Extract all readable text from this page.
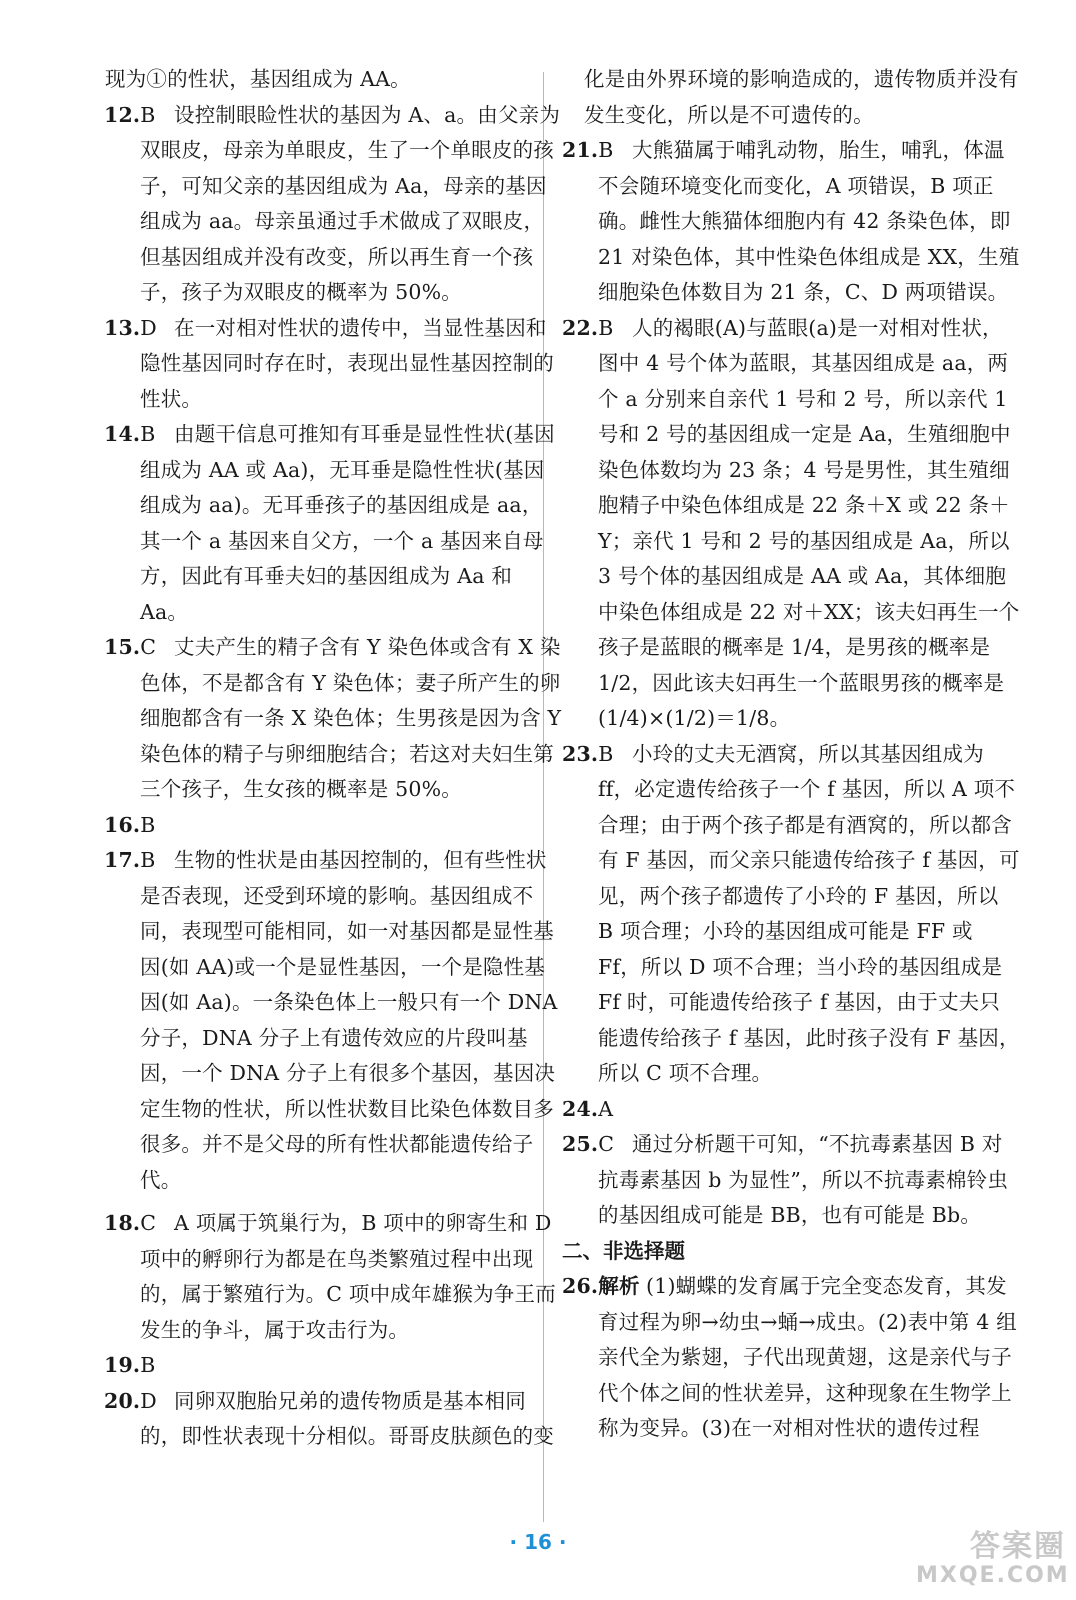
现为①的性状，基因组成为 AA。
12.B 设控制眼睑性状的基因为 A、a。由父亲为双眼皮，母亲为单眼皮，生了一个单眼皮的孩子，可知父亲的基因组成为 Aa，母亲的基因组成为 aa。母亲虽通过手术做成了双眼皮，但基因组成并没有改变，所以再生育一个孩子，孩子为双眼皮的概率为 50%。
13.D 在一对相对性状的遗传中，当显性基因和隐性基因同时存在时，表现出显性基因控制的性状。
14.B 由题干信息可推知有耳垂是显性性状(基因组成为 AA 或 Aa)，无耳垂是隐性性状(基因组成为 aa)。无耳垂孩子的基因组成是 aa，其一个 a 基因来自父方，一个 a 基因来自母方，因此有耳垂夫妇的基因组成为 Aa 和 Aa。
15.C 丈夫产生的精子含有 Y 染色体或含有 X 染色体，不是都含有 Y 染色体；妻子所产生的卵细胞都含有一条 X 染色体；生男孩是因为含 Y 染色体的精子与卵细胞结合；若这对夫妇生第三个孩子，生女孩的概率是 50%。
16.B
17.B 生物的性状是由基因控制的，但有些性状是否表现，还受到环境的影响。基因组成不同，表现型可能相同，如一对基因都是显性基因(如 AA)或一个是显性基因，一个是隐性基因(如 Aa)。一条染色体上一般只有一个 DNA 分子，DNA 分子上有遗传效应的片段叫基因，一个 DNA 分子上有很多个基因，基因决定生物的性状，所以性状数目比染色体数目多很多。并不是父母的所有性状都能遗传给子代。
18.C A 项属于筑巢行为，B 项中的卵寄生和 D 项中的孵卵行为都是在鸟类繁殖过程中出现的，属于繁殖行为。C 项中成年雄猴为争王而发生的争斗，属于攻击行为。
19.B
20.D 同卵双胞胎兄弟的遗传物质是基本相同的，即性状表现十分相似。哥哥皮肤颜色的变
化是由外界环境的影响造成的，遗传物质并没有发生变化，所以是不可遗传的。
21.B 大熊猫属于哺乳动物，胎生，哺乳，体温不会随环境变化而变化，A 项错误，B 项正确。雌性大熊猫体细胞内有 42 条染色体，即 21 对染色体，其中性染色体组成是 XX，生殖细胞染色体数目为 21 条，C、D 两项错误。
22.B 人的褐眼(A)与蓝眼(a)是一对相对性状，图中 4 号个体为蓝眼，其基因组成是 aa，两个 a 分别来自亲代 1 号和 2 号，所以亲代 1 号和 2 号的基因组成一定是 Aa，生殖细胞中染色体数均为 23 条；4 号是男性，其生殖细胞精子中染色体组成是 22 条＋X 或 22 条＋Y；亲代 1 号和 2 号的基因组成是 Aa，所以 3 号个体的基因组成是 AA 或 Aa，其体细胞中染色体组成是 22 对＋XX；该夫妇再生一个孩子是蓝眼的概率是 1/4，是男孩的概率是 1/2，因此该夫妇再生一个蓝眼男孩的概率是(1/4)×(1/2)＝1/8。
23.B 小玲的丈夫无酒窝，所以其基因组成为 ff，必定遗传给孩子一个 f 基因，所以 A 项不合理；由于两个孩子都是有酒窝的，所以都含有 F 基因，而父亲只能遗传给孩子 f 基因，可见，两个孩子都遗传了小玲的 F 基因，所以 B 项合理；小玲的基因组成可能是 FF 或 Ff，所以 D 项不合理；当小玲的基因组成是 Ff 时，可能遗传给孩子 f 基因，由于丈夫只能遗传给孩子 f 基因，此时孩子没有 F 基因，所以 C 项不合理。
24.A
25.C 通过分析题干可知，“不抗毒素基因 B 对抗毒素基因 b 为显性”，所以不抗毒素棉铃虫的基因组成可能是 BB，也有可能是 Bb。
二、非选择题
26.解析 (1)蝴蝶的发育属于完全变态发育，其发育过程为卵→幼虫→蛹→成虫。(2)表中第 4 组亲代全为紫翅，子代出现黄翅，这是亲代与子代个体之间的性状差异，这种现象在生物学上称为变异。(3)在一对相对性状的遗传过程
· 16 ·	答案圈
MXQE.COM
